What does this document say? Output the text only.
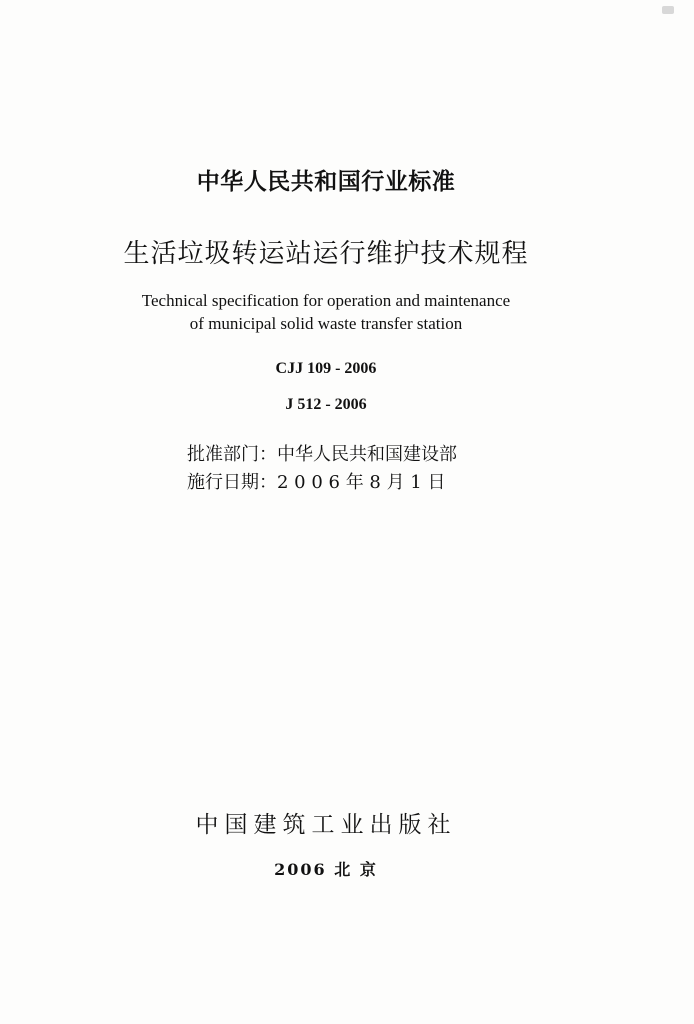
中华人民共和国行业标准

生活垃圾转运站运行维护技术规程

Technical specification for operation and maintenance

of municipal solid waste transfer station

CJJ 109 - 2006

J 512 - 2006

批准部门：中华人民共和国建设部

施行日期：2 0 0 6 年 8 月 1 日

中国建筑工业出版社

2006 北 京
